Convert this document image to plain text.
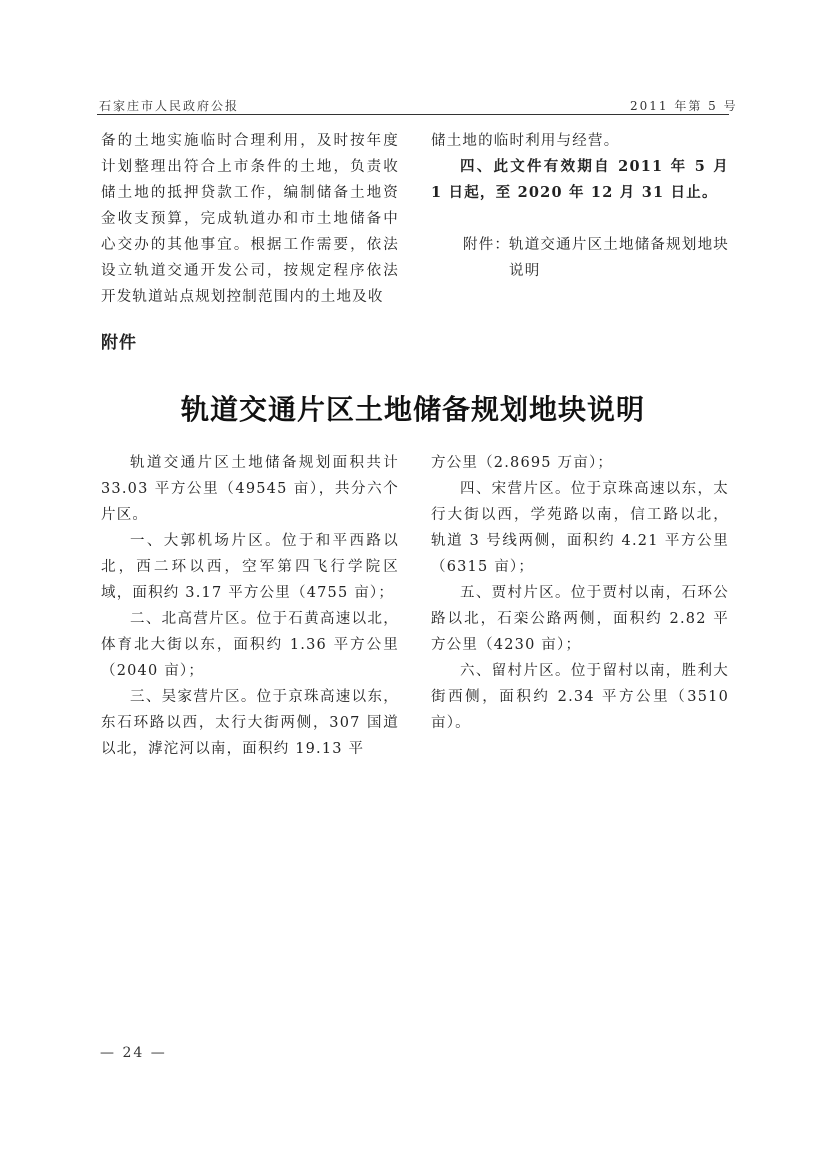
石家庄市人民政府公报	2011 年第 5 号

备的土地实施临时合理利用，及时按年度计划整理出符合上市条件的土地，负责收储土地的抵押贷款工作，编制储备土地资金收支预算，完成轨道办和市土地储备中心交办的其他事宜。根据工作需要，依法设立轨道交通开发公司，按规定程序依法开发轨道站点规划控制范围内的土地及收

储土地的临时利用与经营。

四、此文件有效期自 2011 年 5 月 1 日起，至 2020 年 12 月 31 日止。

附件：
轨道交通片区土地储备规划地块说明

附件
轨道交通片区土地储备规划地块说明

轨道交通片区土地储备规划面积共计 33.03 平方公里（49545 亩），共分六个片区。

一、大郭机场片区。位于和平西路以北，西二环以西，空军第四飞行学院区域，面积约 3.17 平方公里（4755 亩）；

二、北高营片区。位于石黄高速以北，体育北大街以东，面积约 1.36 平方公里（2040 亩）；

三、吴家营片区。位于京珠高速以东，东石环路以西，太行大街两侧，307 国道以北，滹沱河以南，面积约 19.13 平

方公里（2.8695 万亩）；

四、宋营片区。位于京珠高速以东，太行大街以西，学苑路以南，信工路以北，轨道 3 号线两侧，面积约 4.21 平方公里（6315 亩）；

五、贾村片区。位于贾村以南，石环公路以北，石栾公路两侧，面积约 2.82 平方公里（4230 亩）；

六、留村片区。位于留村以南，胜利大街西侧，面积约 2.34 平方公里（3510 亩）。

— 24 —
